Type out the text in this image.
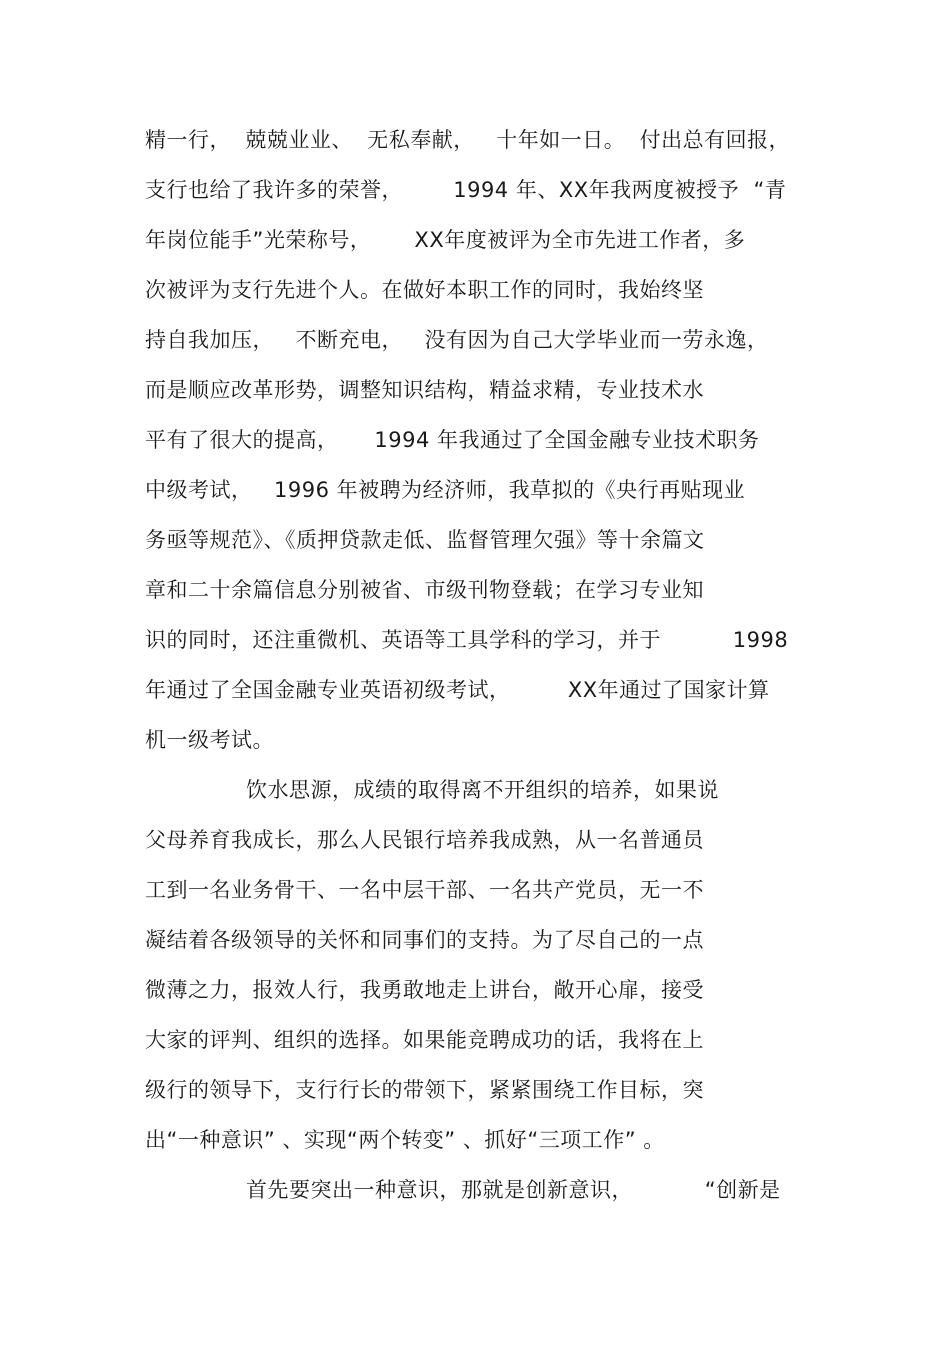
精一行，  兢兢业业、  无私奉献，   十年如一日。  付出总有回报，
支行也给了我许多的荣誉，       1994 年、XX年我两度被授予  “青
年岗位能手”光荣称号，      XX年度被评为全市先进工作者，多
次被评为支行先进个人。在做好本职工作的同时，我始终坚
持自我加压，   不断充电，   没有因为自己大学毕业而一劳永逸，
而是顺应改革形势，调整知识结构，精益求精，专业技术水
平有了很大的提高，     1994 年我通过了全国金融专业技术职务
中级考试，   1996 年被聘为经济师，我草拟的《央行再贴现业
务亟等规范》、《质押贷款走低、监督管理欠强》等十余篇文
章和二十余篇信息分别被省、市级刊物登载；在学习专业知
识的同时，还注重微机、英语等工具学科的学习，并于          1998
年通过了全国金融专业英语初级考试，        XX年通过了国家计算
机一级考试。
饮水思源，成绩的取得离不开组织的培养，如果说
父母养育我成长，那么人民银行培养我成熟，从一名普通员
工到一名业务骨干、一名中层干部、一名共产党员，无一不
凝结着各级领导的关怀和同事们的支持。为了尽自己的一点
微薄之力，报效人行，我勇敢地走上讲台，敞开心扉，接受
大家的评判、组织的选择。如果能竞聘成功的话，我将在上
级行的领导下，支行行长的带领下，紧紧围绕工作目标，突
出“一种意识” 、实现“两个转变” 、抓好“三项工作” 。
首先要突出一种意识，那就是创新意识，          “创新是
